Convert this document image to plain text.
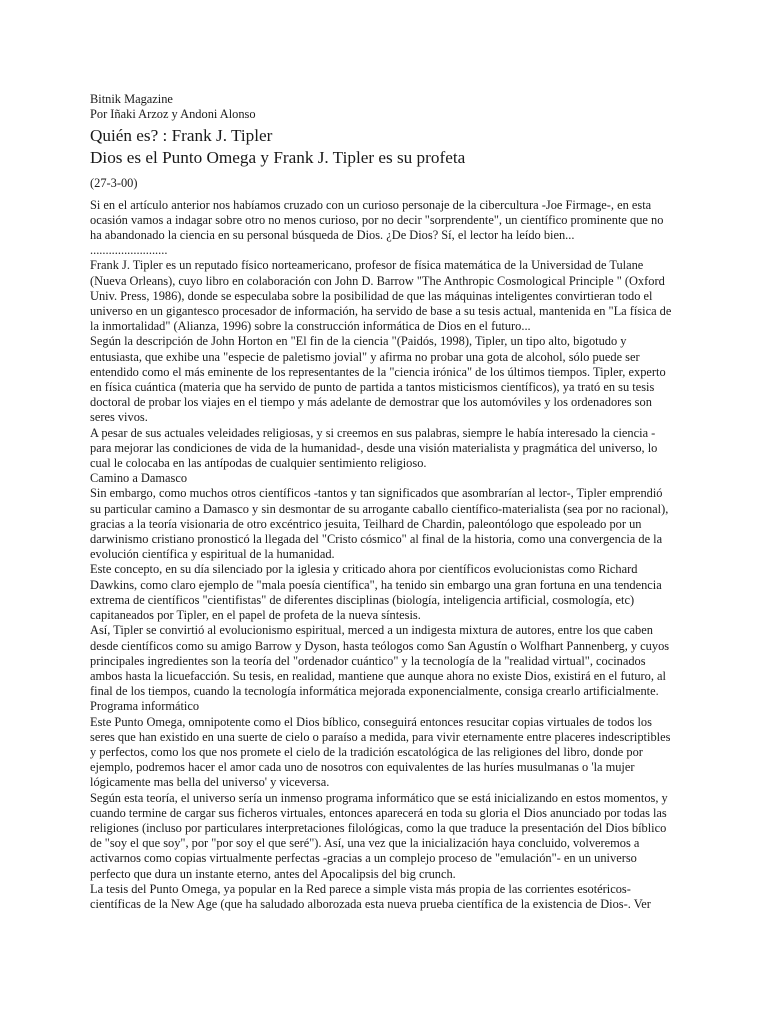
Bitnik Magazine
Por Iñaki Arzoz y Andoni Alonso
Quién es? : Frank J. Tipler
Dios es el Punto Omega y Frank J. Tipler es su profeta
(27-3-00)

Si en el artículo anterior nos habíamos cruzado con un curioso personaje de la cibercultura -Joe Firmage-, en esta ocasión vamos a indagar sobre otro no menos curioso, por no decir "sorprendente", un científico prominente que no ha abandonado la ciencia en su personal búsqueda de Dios. ¿De Dios? Sí, el lector ha leído bien...

.........................

Frank J. Tipler es un reputado físico norteamericano, profesor de física matemática de la Universidad de Tulane (Nueva Orleans), cuyo libro en colaboración con John D. Barrow "The Anthropic Cosmological Principle " (Oxford Univ. Press, 1986), donde se especulaba sobre la posibilidad de que las máquinas inteligentes convirtieran todo el universo en un gigantesco procesador de información, ha servido de base a su tesis actual, mantenida en "La física de la inmortalidad" (Alianza, 1996) sobre la construcción informática de Dios en el futuro...

Según la descripción de John Horton en "El fin de la ciencia "(Paidós, 1998), Tipler, un tipo alto, bigotudo y entusiasta, que exhibe una "especie de paletismo jovial" y afirma no probar una gota de alcohol, sólo puede ser entendido como el más eminente de los representantes de la "ciencia irónica" de los últimos tiempos. Tipler, experto en física cuántica (materia que ha servido de punto de partida a tantos misticismos científicos), ya trató en su tesis doctoral de probar los viajes en el tiempo y más adelante de demostrar que los automóviles y los ordenadores son seres vivos.

A pesar de sus actuales veleidades religiosas, y si creemos en sus palabras, siempre le había interesado la ciencia - para mejorar las condiciones de vida de la humanidad-, desde una visión materialista y pragmática del universo, lo cual le colocaba en las antípodas de cualquier sentimiento religioso.

Camino a Damasco

Sin embargo, como muchos otros científicos -tantos y tan significados que asombrarían al lector-, Tipler emprendió su particular camino a Damasco y sin desmontar de su arrogante caballo científico-materialista (sea por no racional), gracias a la teoría visionaria de otro excéntrico jesuita, Teilhard de Chardin, paleontólogo que espoleado por un darwinismo cristiano pronosticó la llegada del "Cristo cósmico" al final de la historia, como una convergencia de la evolución científica y espiritual de la humanidad.

Este concepto, en su día silenciado por la iglesia y criticado ahora por científicos evolucionistas como Richard Dawkins, como claro ejemplo de "mala poesía científica", ha tenido sin embargo una gran fortuna en una tendencia extrema de científicos "cientifistas" de diferentes disciplinas (biología, inteligencia artificial, cosmología, etc) capitaneados por Tipler, en el papel de profeta de la nueva síntesis.

Así, Tipler se convirtió al evolucionismo espiritual, merced a un indigesta mixtura de autores, entre los que caben desde científicos como su amigo Barrow y Dyson, hasta teólogos como San Agustín o Wolfhart Pannenberg, y cuyos principales ingredientes son la teoría del "ordenador cuántico" y la tecnología de la "realidad virtual", cocinados ambos hasta la licuefacción. Su tesis, en realidad, mantiene que aunque ahora no existe Dios, existirá en el futuro, al final de los tiempos, cuando la tecnología informática mejorada exponencialmente, consiga crearlo artificialmente.

Programa informático

Este Punto Omega, omnipotente como el Dios bíblico, conseguirá entonces resucitar copias virtuales de todos los seres que han existido en una suerte de cielo o paraíso a medida, para vivir eternamente entre placeres indescriptibles y perfectos, como los que nos promete el cielo de la tradición escatológica de las religiones del libro, donde por ejemplo, podremos hacer el amor cada uno de nosotros con equivalentes de las huríes musulmanas o 'la mujer lógicamente mas bella del universo' y viceversa.

Según esta teoría, el universo sería un inmenso programa informático que se está inicializando en estos momentos, y cuando termine de cargar sus ficheros virtuales, entonces aparecerá en toda su gloria el Dios anunciado por todas las religiones (incluso por particulares interpretaciones filológicas, como la que traduce la presentación del Dios bíblico de "soy el que soy", por "por soy el que seré"). Así, una vez que la inicialización haya concluido, volveremos a activarnos como copias virtualmente perfectas -gracias a un complejo proceso de "emulación"- en un universo perfecto que dura un instante eterno, antes del Apocalipsis del big crunch.

La tesis del Punto Omega, ya popular en la Red parece a simple vista más propia de las corrientes esotéricos-científicas de la New Age (que ha saludado alborozada esta nueva prueba científica de la existencia de Dios-. Ver
